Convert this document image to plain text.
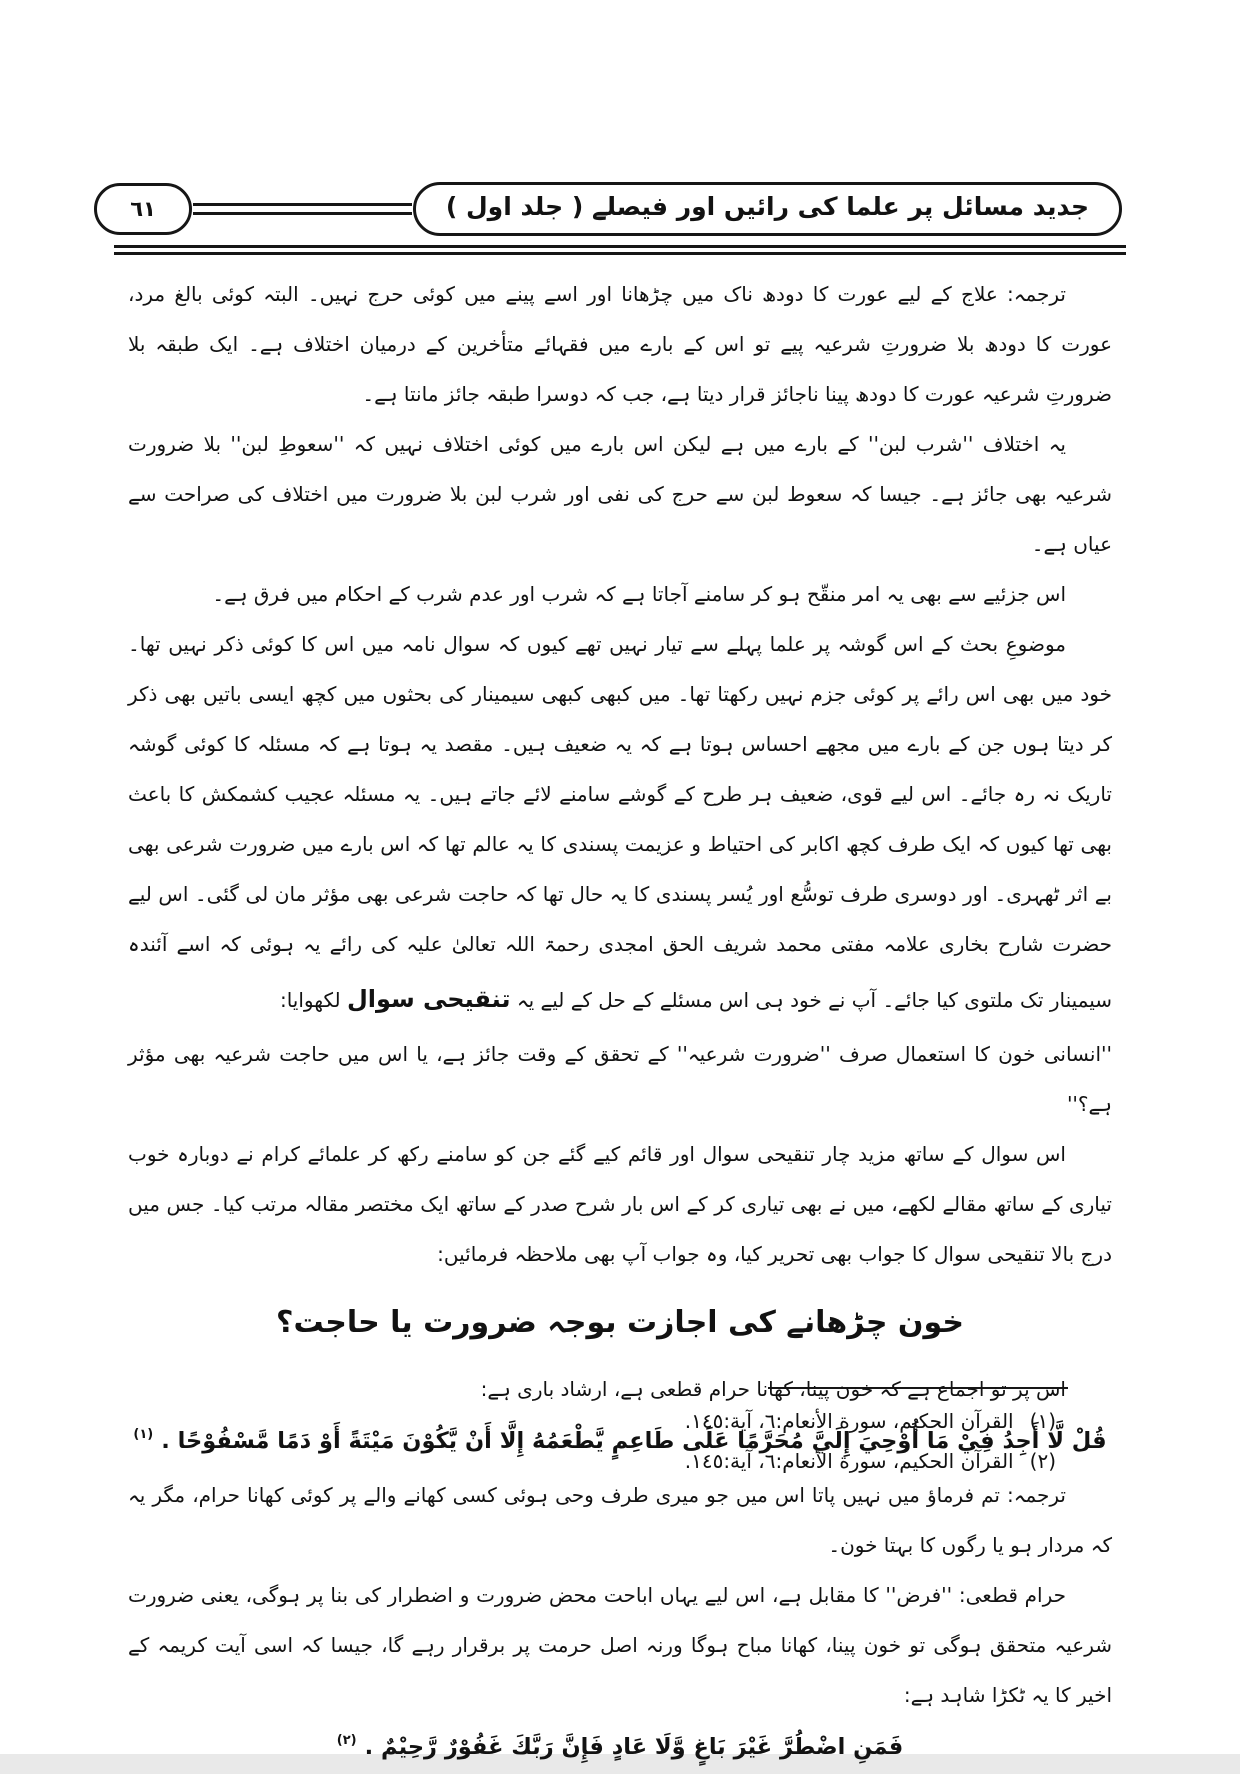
جدید مسائل پر علما کی رائیں اور فیصلے ( جلد اول )
٦١

ترجمہ: علاج کے لیے عورت کا دودھ ناک میں چڑھانا اور اسے پینے میں کوئی حرج نہیں۔ البتہ کوئی بالغ مرد، عورت کا دودھ بلا ضرورتِ شرعیہ پیے تو اس کے بارے میں فقہائے متأخرین کے درمیان اختلاف ہے۔ ایک طبقہ بلا ضرورتِ شرعیہ عورت کا دودھ پینا ناجائز قرار دیتا ہے، جب کہ دوسرا طبقہ جائز مانتا ہے۔

یہ اختلاف ''شرب لبن'' کے بارے میں ہے لیکن اس بارے میں کوئی اختلاف نہیں کہ ''سعوطِ لبن'' بلا ضرورت شرعیہ بھی جائز ہے۔ جیسا کہ سعوط لبن سے حرج کی نفی اور شرب لبن بلا ضرورت میں اختلاف کی صراحت سے عیاں ہے۔

اس جزئیے سے بھی یہ امر منقّح ہو کر سامنے آجاتا ہے کہ شرب اور عدم شرب کے احکام میں فرق ہے۔

موضوعِ بحث کے اس گوشہ پر علما پہلے سے تیار نہیں تھے کیوں کہ سوال نامہ میں اس کا کوئی ذکر نہیں تھا۔ خود میں بھی اس رائے پر کوئی جزم نہیں رکھتا تھا۔ میں کبھی کبھی سیمینار کی بحثوں میں کچھ ایسی باتیں بھی ذکر کر دیتا ہوں جن کے بارے میں مجھے احساس ہوتا ہے کہ یہ ضعیف ہیں۔ مقصد یہ ہوتا ہے کہ مسئلہ کا کوئی گوشہ تاریک نہ رہ جائے۔ اس لیے قوی، ضعیف ہر طرح کے گوشے سامنے لائے جاتے ہیں۔ یہ مسئلہ عجیب کشمکش کا باعث بھی تھا کیوں کہ ایک طرف کچھ اکابر کی احتیاط و عزیمت پسندی کا یہ عالم تھا کہ اس بارے میں ضرورت شرعی بھی بے اثر ٹھہری۔ اور دوسری طرف توسُّع اور یُسر پسندی کا یہ حال تھا کہ حاجت شرعی بھی مؤثر مان لی گئی۔ اس لیے حضرت شارح بخاری علامہ مفتی محمد شریف الحق امجدی رحمۃ اللہ تعالیٰ علیہ کی رائے یہ ہوئی کہ اسے آئندہ سیمینار تک ملتوی کیا جائے۔ آپ نے خود ہی اس مسئلے کے حل کے لیے یہ تنقیحی سوال لکھوایا:

''انسانی خون کا استعمال صرف ''ضرورت شرعیہ'' کے تحقق کے وقت جائز ہے، یا اس میں حاجت شرعیہ بھی مؤثر ہے؟''

اس سوال کے ساتھ مزید چار تنقیحی سوال اور قائم کیے گئے جن کو سامنے رکھ کر علمائے کرام نے دوبارہ خوب تیاری کے ساتھ مقالے لکھے، میں نے بھی تیاری کر کے اس بار شرح صدر کے ساتھ ایک مختصر مقالہ مرتب کیا۔ جس میں درج بالا تنقیحی سوال کا جواب بھی تحریر کیا، وہ جواب آپ بھی ملاحظہ فرمائیں:

خون چڑھانے کی اجازت بوجہ ضرورت یا حاجت؟

اس پر تو اجماع ہے کہ خون پینا، کھانا حرام قطعی ہے، ارشاد باری ہے:

قُلْ لَّا أَجِدُ فِيْ مَا أُوْحِيَ إِلَيَّ مُحَرَّمًا عَلَى طَاعِمٍ يَّطْعَمُهُ إِلَّا أَنْ يَّكُوْنَ مَيْتَةً أَوْ دَمًا مَّسْفُوْحًا .$^{(١)}$

ترجمہ: تم فرماؤ میں نہیں پاتا اس میں جو میری طرف وحی ہوئی کسی کھانے والے پر کوئی کھانا حرام، مگر یہ کہ مردار ہو یا رگوں کا بہتا خون۔

حرام قطعی: ''فرض'' کا مقابل ہے، اس لیے یہاں اباحت محض ضرورت و اضطرار کی بنا پر ہوگی، یعنی ضرورت شرعیہ متحقق ہوگی تو خون پینا، کھانا مباح ہوگا ورنہ اصل حرمت پر برقرار رہے گا، جیسا کہ اسی آیت کریمہ کے اخیر کا یہ ٹکڑا شاہد ہے:

فَمَنِ اضْطُرَّ غَيْرَ بَاغٍ وَّلَا عَادٍ فَإِنَّ رَبَّكَ غَفُوْرٌ رَّحِيْمٌ .$^{(٢)}$
(١)القرآن الحكيم، سورة الأنعام:٦، آية:١٤٥.
(٢)القرآن الحكيم، سورة الأنعام:٦، آية:١٤٥.
